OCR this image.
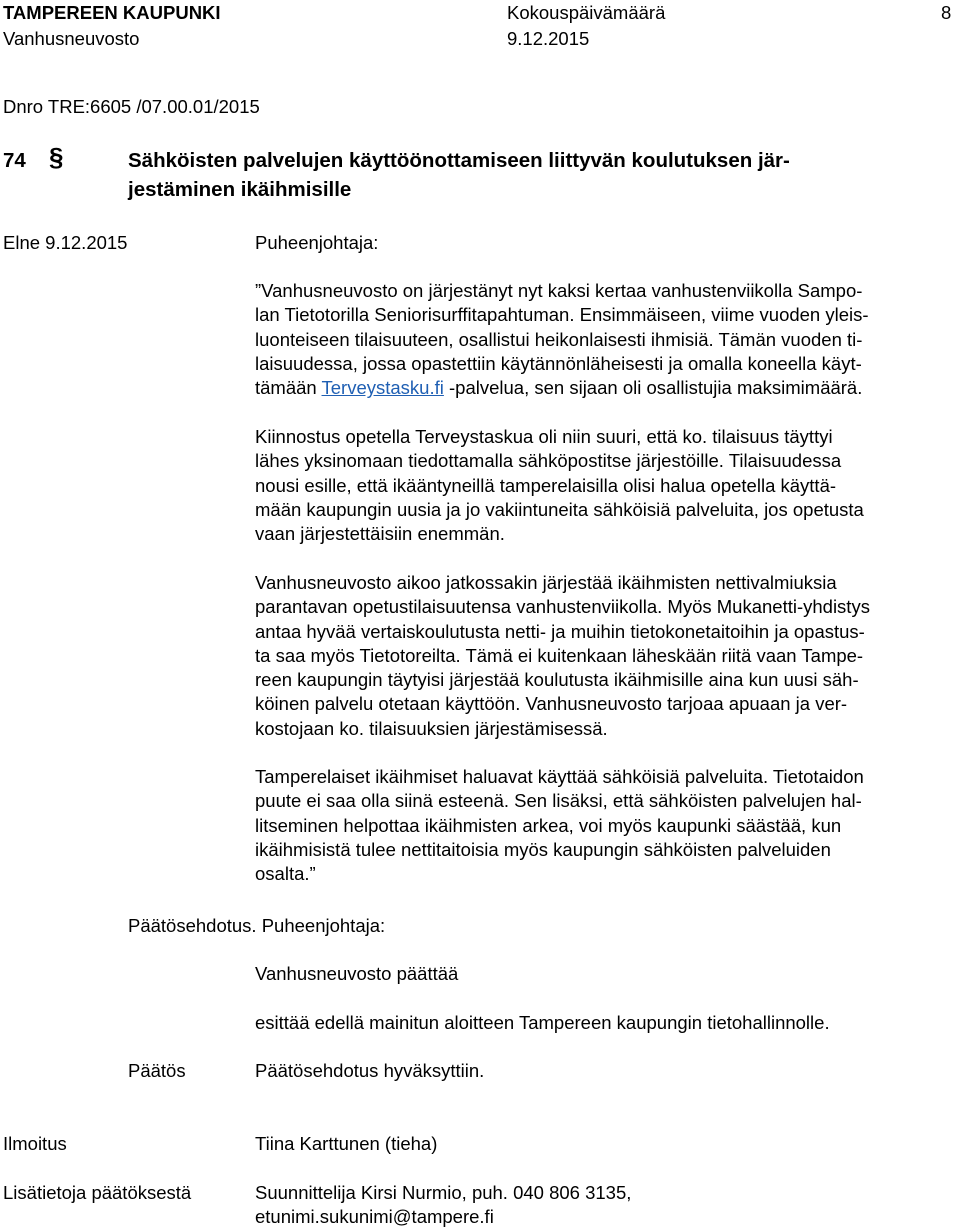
TAMPEREEN KAUPUNKI	Kokouspäivämäärä	8
Vanhusneuvosto	9.12.2015
Dnro TRE:6605 /07.00.01/2015
74 §	Sähköisten palvelujen käyttöönottamiseen liittyvän koulutuksen jär-
jestäminen ikäihmisille
Elne 9.12.2015	Puheenjohtaja:
”Vanhusneuvosto on järjestänyt nyt kaksi kertaa vanhustenviikolla Sampo-
lan Tietotorilla Seniorisurffitapahtuman. Ensimmäiseen, viime vuoden yleis-
luonteiseen tilaisuuteen, osallistui heikonlaisesti ihmisiä. Tämän vuoden ti-
laisuudessa, jossa opastettiin käytännönläheisesti ja omalla koneella käyt-
tämään Terveystasku.fi -palvelua, sen sijaan oli osallistujia maksimimäärä.
Kiinnostus opetella Terveystaskua oli niin suuri, että ko. tilaisuus täyttyi
lähes yksinomaan tiedottamalla sähköpostitse järjestöille. Tilaisuudessa
nousi esille, että ikääntyneillä tamperelaisilla olisi halua opetella käyttä-
mään kaupungin uusia ja jo vakiintuneita sähköisiä palveluita, jos opetusta
vaan järjestettäisiin enemmän.
Vanhusneuvosto aikoo jatkossakin järjestää ikäihmisten nettivalmiuksia
parantavan opetustilaisuutensa vanhustenviikolla. Myös Mukanetti-yhdistys
antaa hyvää vertaiskoulutusta netti- ja muihin tietokonetaitoihin ja opastus-
ta saa myös Tietotoreilta. Tämä ei kuitenkaan läheskään riitä vaan Tampe-
reen kaupungin täytyisi järjestää koulutusta ikäihmisille aina kun uusi säh-
köinen palvelu otetaan käyttöön. Vanhusneuvosto tarjoaa apuaan ja ver-
kostojaan ko. tilaisuuksien järjestämisessä.
Tamperelaiset ikäihmiset haluavat käyttää sähköisiä palveluita. Tietotaidon
puute ei saa olla siinä esteenä. Sen lisäksi, että sähköisten palvelujen hal-
litseminen helpottaa ikäihmisten arkea, voi myös kaupunki säästää, kun
ikäihmisistä tulee nettitaitoisia myös kaupungin sähköisten palveluiden
osalta.”
Päätösehdotus. Puheenjohtaja:
Vanhusneuvosto päättää
esittää edellä mainitun aloitteen Tampereen kaupungin tietohallinnolle.
Päätös	Päätösehdotus hyväksyttiin.
Ilmoitus	Tiina Karttunen (tieha)
Lisätietoja päätöksestä	Suunnittelija Kirsi Nurmio, puh. 040 806 3135,
etunimi.sukunimi@tampere.fi
